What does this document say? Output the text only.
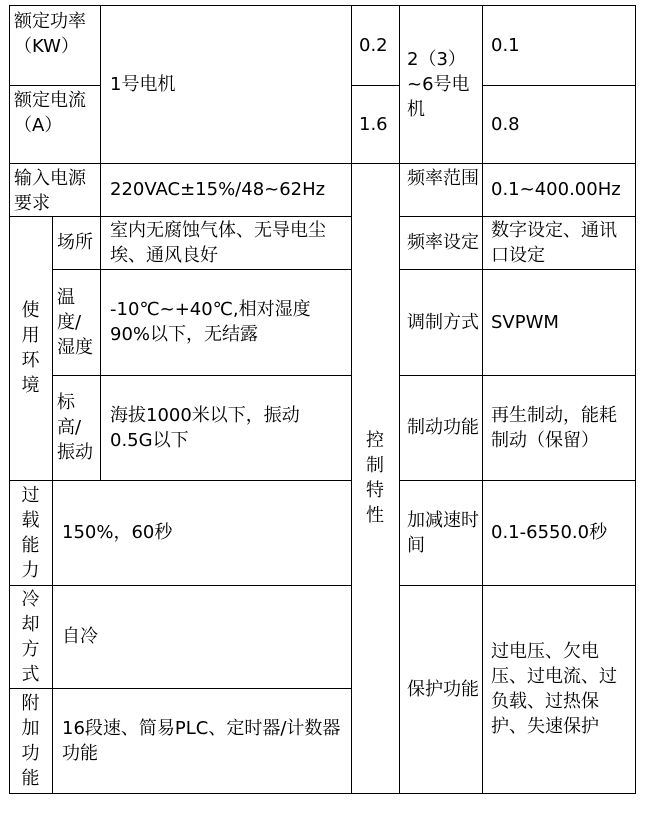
额定功率（KW）
1号电机
0.2
2（3）~6号电机
0.1
额定电流（A）	1.6	0.8
输入电源要求
220VAC±15%/48~62Hz
控制特性
频率范围
0.1~400.00Hz
使用环境
场所
室内无腐蚀气体、无导电尘埃、通风良好
频率设定
数字设定、通讯口设定
温度/湿度
-10℃~+40℃,相对湿度90%以下，无结露
调制方式 SVPWM
标高/振动
海拔1000米以下，振动0.5G以下
制动功能
再生制动，能耗制动（保留）
过载能力
150%，60秒
加减速时间
0.1-6550.0秒
冷却方式
自冷
保护功能
过电压、欠电压、过电流、过负载、过热保护、失速保护
附加功能
16段速、简易PLC、定时器/计数器功能
